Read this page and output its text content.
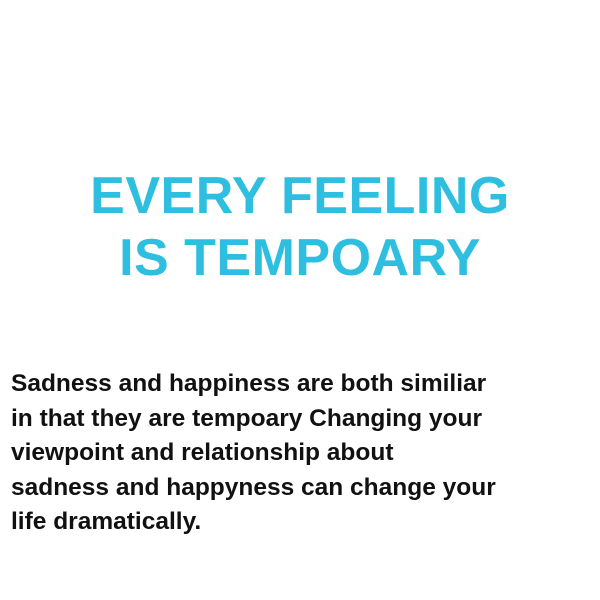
EVERY FEELING
IS TEMPOARY
Sadness and happiness are both similiar
in that they are tempoary Changing your
viewpoint and relationship about
sadness and happyness can change your
life dramatically.
